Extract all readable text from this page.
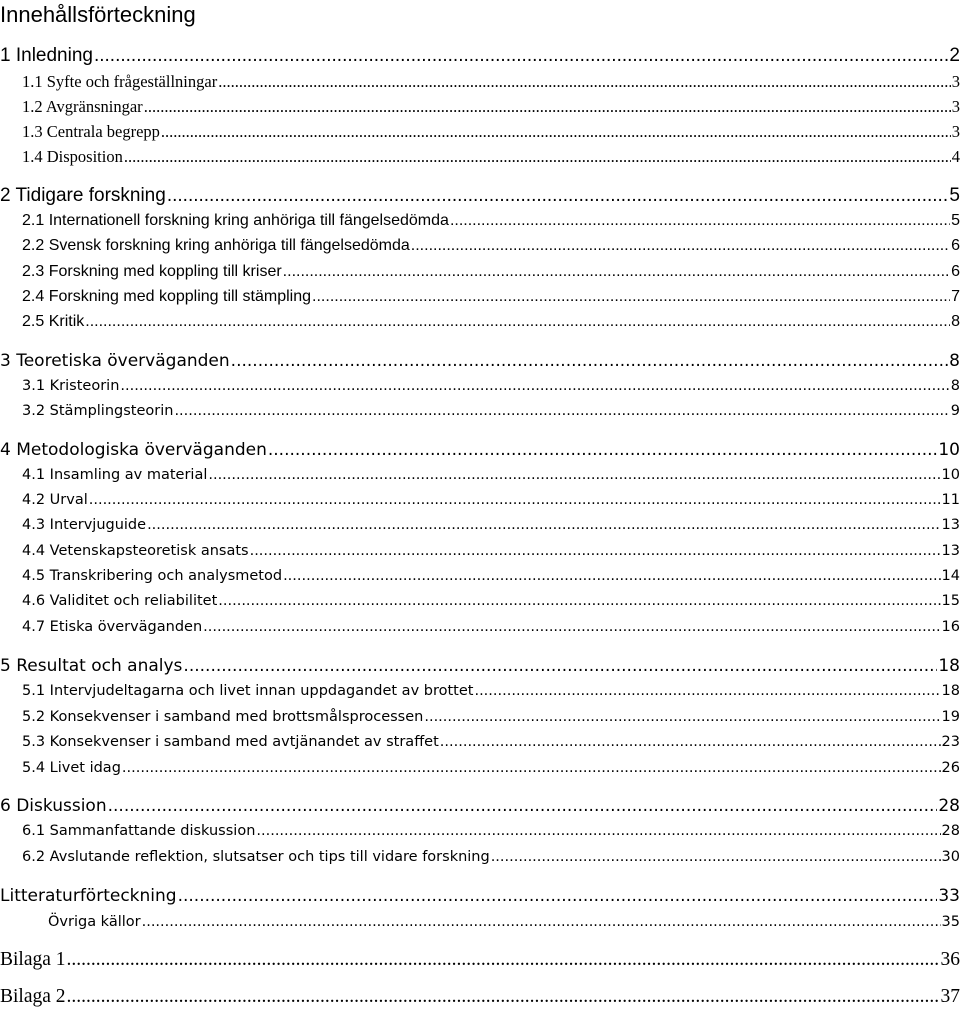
Innehållsförteckning
1 Inledning .....	2
1.1 Syfte och frågeställningar .....	3
1.2 Avgränsningar .....	3
1.3 Centrala begrepp .....	3
1.4 Disposition .....	4
2 Tidigare forskning .....	5
2.1 Internationell forskning kring anhöriga till fängelsedömda .....	5
2.2 Svensk forskning kring anhöriga till fängelsedömda .....	6
2.3 Forskning med koppling till kriser .....	6
2.4 Forskning med koppling till stämpling .....	7
2.5 Kritik .....	8
3 Teoretiska överväganden .....	8
3.1 Kristeorin .....	8
3.2 Stämplingsteorin .....	9
4 Metodologiska överväganden .....	10
4.1 Insamling av material .....	10
4.2 Urval .....	11
4.3 Intervjuguide .....	13
4.4 Vetenskapsteoretisk ansats .....	13
4.5 Transkribering och analysmetod .....	14
4.6 Validitet och reliabilitet .....	15
4.7 Etiska överväganden .....	16
5 Resultat och analys .....	18
5.1 Intervjudeltagarna och livet innan uppdagandet av brottet .....	18
5.2 Konsekvenser i samband med brottsmålsprocessen .....	19
5.3 Konsekvenser i samband med avtjänandet av straffet .....	23
5.4 Livet idag .....	26
6 Diskussion .....	28
6.1 Sammanfattande diskussion .....	28
6.2 Avslutande reflektion, slutsatser och tips till vidare forskning .....	30
Litteraturförteckning .....	33
Övriga källor .....	35
Bilaga 1 .....	36
Bilaga 2 .....	37
